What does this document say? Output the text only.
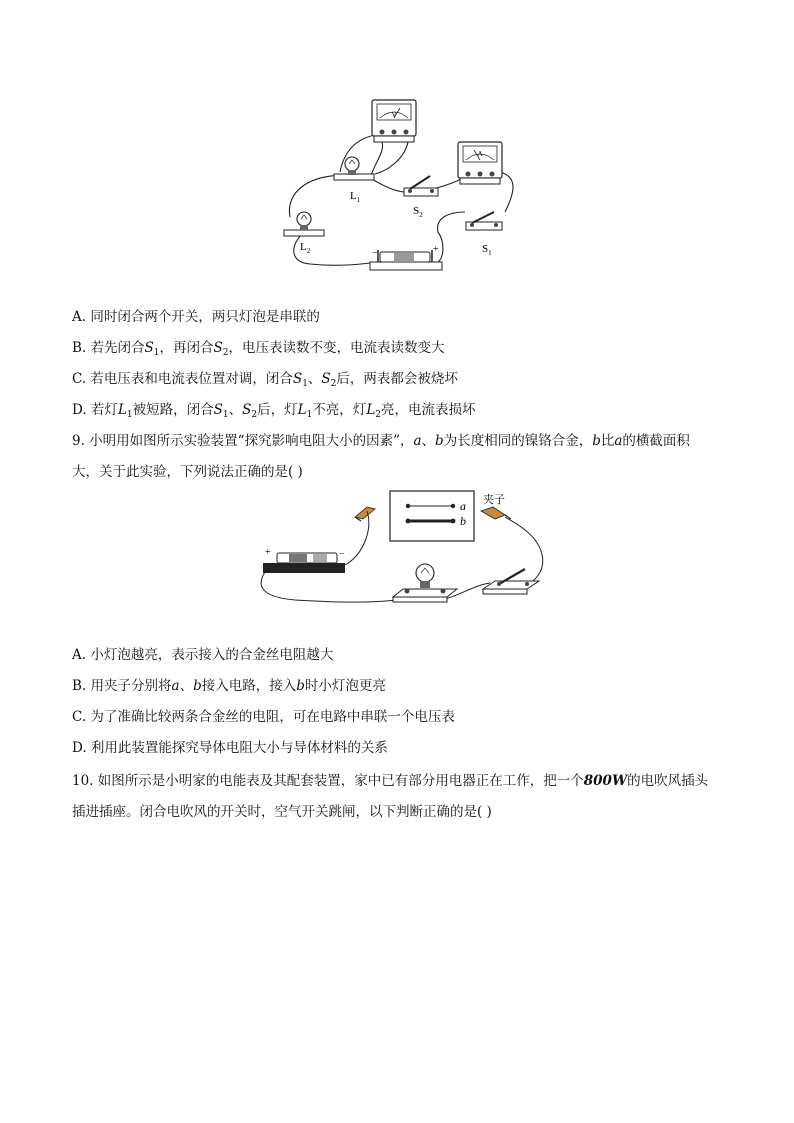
V
A
$L_1$
$S_2$
$L_2$	$S_1$
−	+
A. 同时闭合两个开关，两只灯泡是串联的
B. 若先闭合$S_1$，再闭合$S_2$，电压表读数不变，电流表读数变大
C. 若电压表和电流表位置对调，闭合$S_1$、$S_2$后，两表都会被烧坏
D. 若灯$L_1$被短路，闭合$S_1$、$S_2$后，灯$L_1$不亮，灯$L_2$亮，电流表损坏
9. 小明用如图所示实验装置“探究影响电阻大小的因素”，a、b为长度相同的镍铬合金，b比a的横截面积
大，关于此实验，下列说法正确的是( )
a
b
夹子
+	−
A. 小灯泡越亮，表示接入的合金丝电阻越大
B. 用夹子分别将a、b接入电路，接入b时小灯泡更亮
C. 为了准确比较两条合金丝的电阻，可在电路中串联一个电压表
D. 利用此装置能探究导体电阻大小与导体材料的关系
10. 如图所示是小明家的电能表及其配套装置，家中已有部分用电器正在工作，把一个800W的电吹风插头
插进插座。闭合电吹风的开关时，空气开关跳闸，以下判断正确的是( )
